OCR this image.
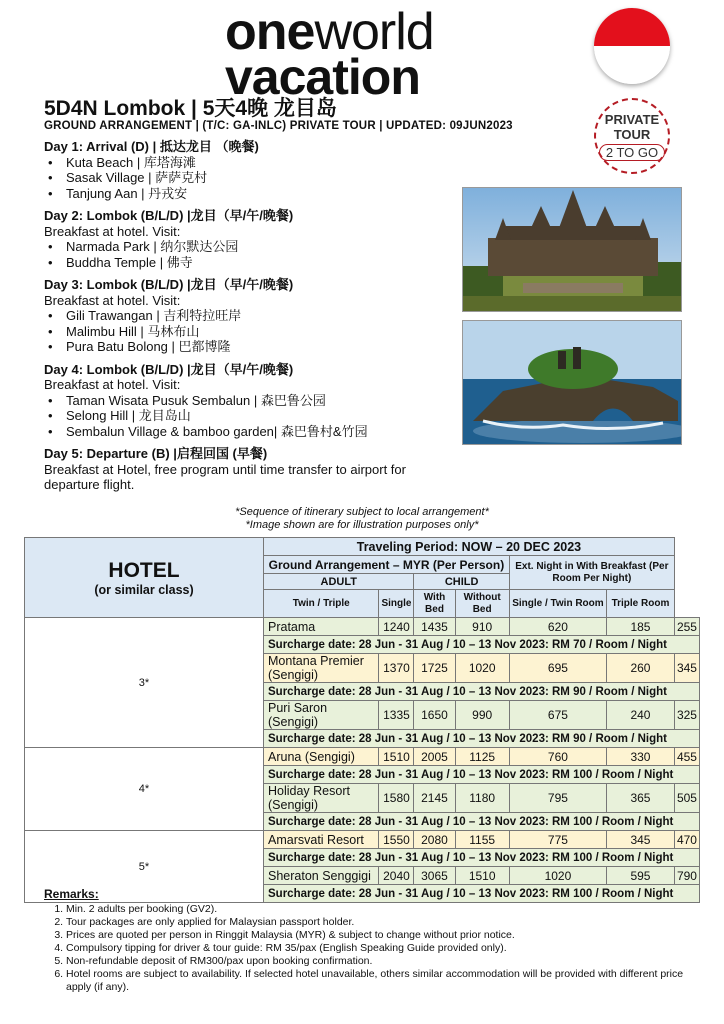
oneworld
vacation
PRIVATE
TOUR
2 TO GO
5D4N Lombok | 5天4晚 龙目岛
GROUND ARRANGEMENT | (T/C: GA-INLC) PRIVATE TOUR | UPDATED: 09JUN2023
Day 1: Arrival (D) | 抵达龙目 （晚餐)
• Kuta Beach | 库塔海滩
• Sasak Village | 萨萨克村
• Tanjung Aan | 丹戎安
Day 2: Lombok (B/L/D) |龙目（早/午/晚餐)
Breakfast at hotel. Visit:
• Narmada Park | 纳尔默达公园
• Buddha Temple | 佛寺
Day 3: Lombok (B/L/D) |龙目（早/午/晚餐)
Breakfast at hotel. Visit:
• Gili Trawangan | 吉利特拉旺岸
• Malimbu Hill | 马林布山
• Pura Batu Bolong | 巴都博隆
Day 4: Lombok (B/L/D) |龙目（早/午/晚餐)
Breakfast at hotel. Visit:
• Taman Wisata Pusuk Sembalun | 森巴鲁公园
• Selong Hill | 龙目岛山
• Sembalun Village & bamboo garden| 森巴鲁村&竹园
Day 5: Departure (B) |启程回国 (早餐)
Breakfast at Hotel, free program until time transfer to airport for departure flight.
*Sequence of itinerary subject to local arrangement*
*Image shown are for illustration purposes only*
HOTEL
(or similar class)	Traveling Period: NOW – 20 DEC 2023						
	Ground Arrangement – MYR (Per Person)				Ext. Night in With Breakfast (Per Room Per Night)		
	ADULT		CHILD				
	Twin / Triple	Single	With Bed	Without Bed	Single / Twin Room	Triple Room	
3*	Pratama	1240	1435	910	620	185	255
	Surcharge date: 28 Jun - 31 Aug / 10 – 13 Nov 2023: RM 70 / Room / Night						
	Montana Premier (Sengigi)	1370	1725	1020	695	260	345
	Surcharge date: 28 Jun - 31 Aug / 10 – 13 Nov 2023: RM 90 / Room / Night						
	Puri Saron (Sengigi)	1335	1650	990	675	240	325
	Surcharge date: 28 Jun - 31 Aug / 10 – 13 Nov 2023: RM 90 / Room / Night						
4*	Aruna (Sengigi)	1510	2005	1125	760	330	455
	Surcharge date: 28 Jun - 31 Aug / 10 – 13 Nov 2023: RM 100 / Room / Night						
	Holiday Resort (Sengigi)	1580	2145	1180	795	365	505
	Surcharge date: 28 Jun - 31 Aug / 10 – 13 Nov 2023: RM 100 / Room / Night						
5*	Amarsvati Resort	1550	2080	1155	775	345	470
	Surcharge date: 28 Jun - 31 Aug / 10 – 13 Nov 2023: RM 100 / Room / Night						
	Sheraton Senggigi	2040	3065	1510	1020	595	790
	Surcharge date: 28 Jun - 31 Aug / 10 – 13 Nov 2023: RM 100 / Room / Night						
Remarks:
1. Min. 2 adults per booking (GV2).
2. Tour packages are only applied for Malaysian passport holder.
3. Prices are quoted per person in Ringgit Malaysia (MYR) & subject to change without prior notice.
4. Compulsory tipping for driver & tour guide: RM 35/pax (English Speaking Guide provided only).
5. Non-refundable deposit of RM300/pax upon booking confirmation.
6. Hotel rooms are subject to availability. If selected hotel unavailable, others similar accommodation will be provided with different price apply (if any).
